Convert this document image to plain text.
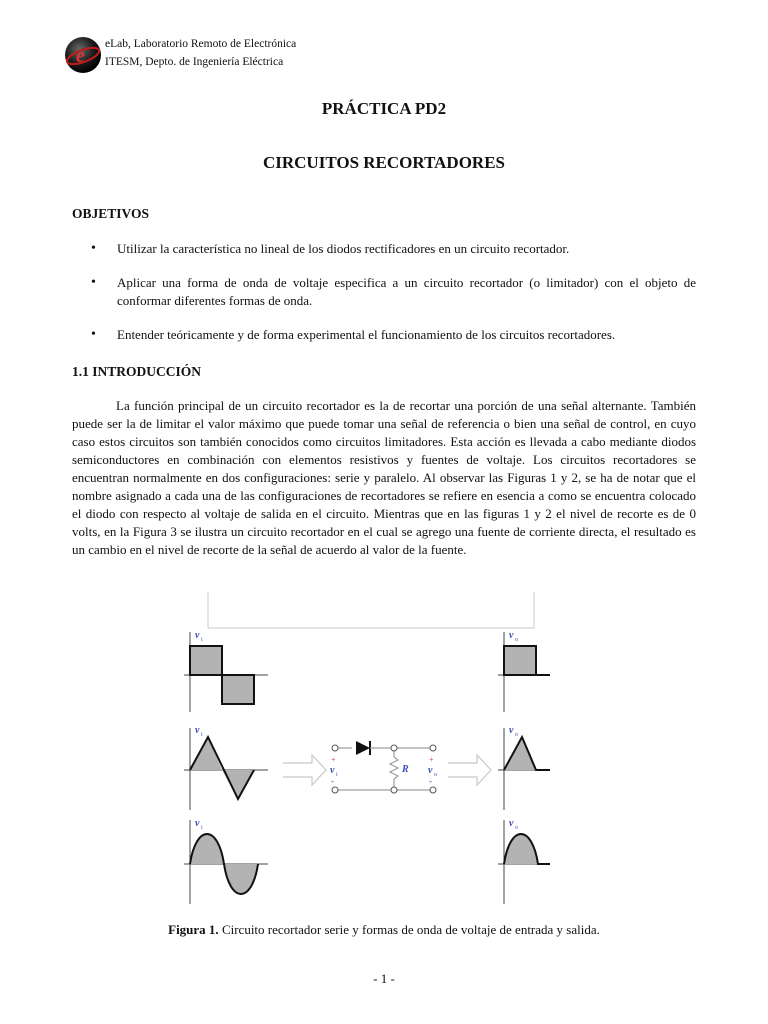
e
eLab, Laboratorio Remoto de Electrónica
ITESM, Depto. de Ingeniería Eléctrica
PRÁCTICA PD2
CIRCUITOS RECORTADORES
OBJETIVOS
• Utilizar la característica no lineal de los diodos rectificadores en un circuito recortador.
• Aplicar una forma de onda de voltaje especifica a un circuito recortador (o limitador) con el objeto de conformar diferentes formas de onda.
• Entender teóricamente y de forma experimental el funcionamiento de los circuitos recortadores.
1.1 INTRODUCCIÓN

La función principal de un circuito recortador es la de recortar una porción de una señal alternante. También puede ser la de limitar el valor máximo que puede tomar una señal de referencia o bien una señal de control, en cuyo caso estos circuitos son también conocidos como circuitos limitadores. Esta acción es llevada a cabo mediante diodos semiconductores en combinación con elementos resistivos y fuentes de voltaje. Los circuitos recortadores se encuentran normalmente en dos configuraciones: serie y paralelo. Al observar las Figuras 1 y 2, se ha de notar que el nombre asignado a cada una de las configuraciones de recortadores se refiere en esencia a como se encuentra colocado el diodo con respecto al voltaje de salida en el circuito. Mientras que en las figuras 1 y 2 el nivel de recorte es de 0 volts, en la Figura 3 se ilustra un circuito recortador en el cual se agrego una fuente de corriente directa, el resultado es un cambio en el nivel de recorte de la señal de acuerdo al valor de la fuente.

v i
v i
v i
+
-
+
-
v i	v o
R
v o
v o
v o
Figura 1. Circuito recortador serie y formas de onda de voltaje de entrada y salida.
- 1 -
